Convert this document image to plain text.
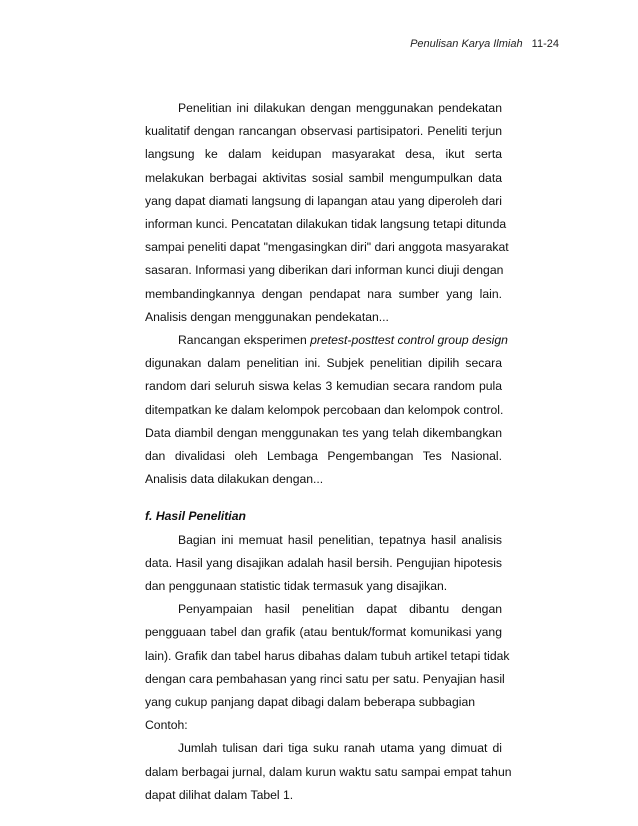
Penulisan Karya Ilmiah 11-24
Penelitian ini dilakukan dengan menggunakan pendekatan
kualitatif dengan rancangan observasi partisipatori. Peneliti terjun
langsung ke dalam keidupan masyarakat desa, ikut serta
melakukan berbagai aktivitas sosial sambil mengumpulkan data
yang dapat diamati langsung di lapangan atau yang diperoleh dari
informan kunci. Pencatatan dilakukan tidak langsung tetapi ditunda
sampai peneliti dapat "mengasingkan diri" dari anggota masyarakat
sasaran. Informasi yang diberikan dari informan kunci diuji dengan
membandingkannya dengan pendapat nara sumber yang lain.
Analisis dengan menggunakan pendekatan...
Rancangan eksperimen pretest-posttest control group design
digunakan dalam penelitian ini. Subjek penelitian dipilih secara
random dari seluruh siswa kelas 3 kemudian secara random pula
ditempatkan ke dalam kelompok percobaan dan kelompok control.
Data diambil dengan menggunakan tes yang telah dikembangkan
dan divalidasi oleh Lembaga Pengembangan Tes Nasional.
Analisis data dilakukan dengan...
f. Hasil Penelitian
Bagian ini memuat hasil penelitian, tepatnya hasil analisis
data. Hasil yang disajikan adalah hasil bersih. Pengujian hipotesis
dan penggunaan statistic tidak termasuk yang disajikan.
Penyampaian hasil penelitian dapat dibantu dengan
pengguaan tabel dan grafik (atau bentuk/format komunikasi yang
lain). Grafik dan tabel harus dibahas dalam tubuh artikel tetapi tidak
dengan cara pembahasan yang rinci satu per satu. Penyajian hasil
yang cukup panjang dapat dibagi dalam beberapa subbagian
Contoh:
Jumlah tulisan dari tiga suku ranah utama yang dimuat di
dalam berbagai jurnal, dalam kurun waktu satu sampai empat tahun
dapat dilihat dalam Tabel 1.
